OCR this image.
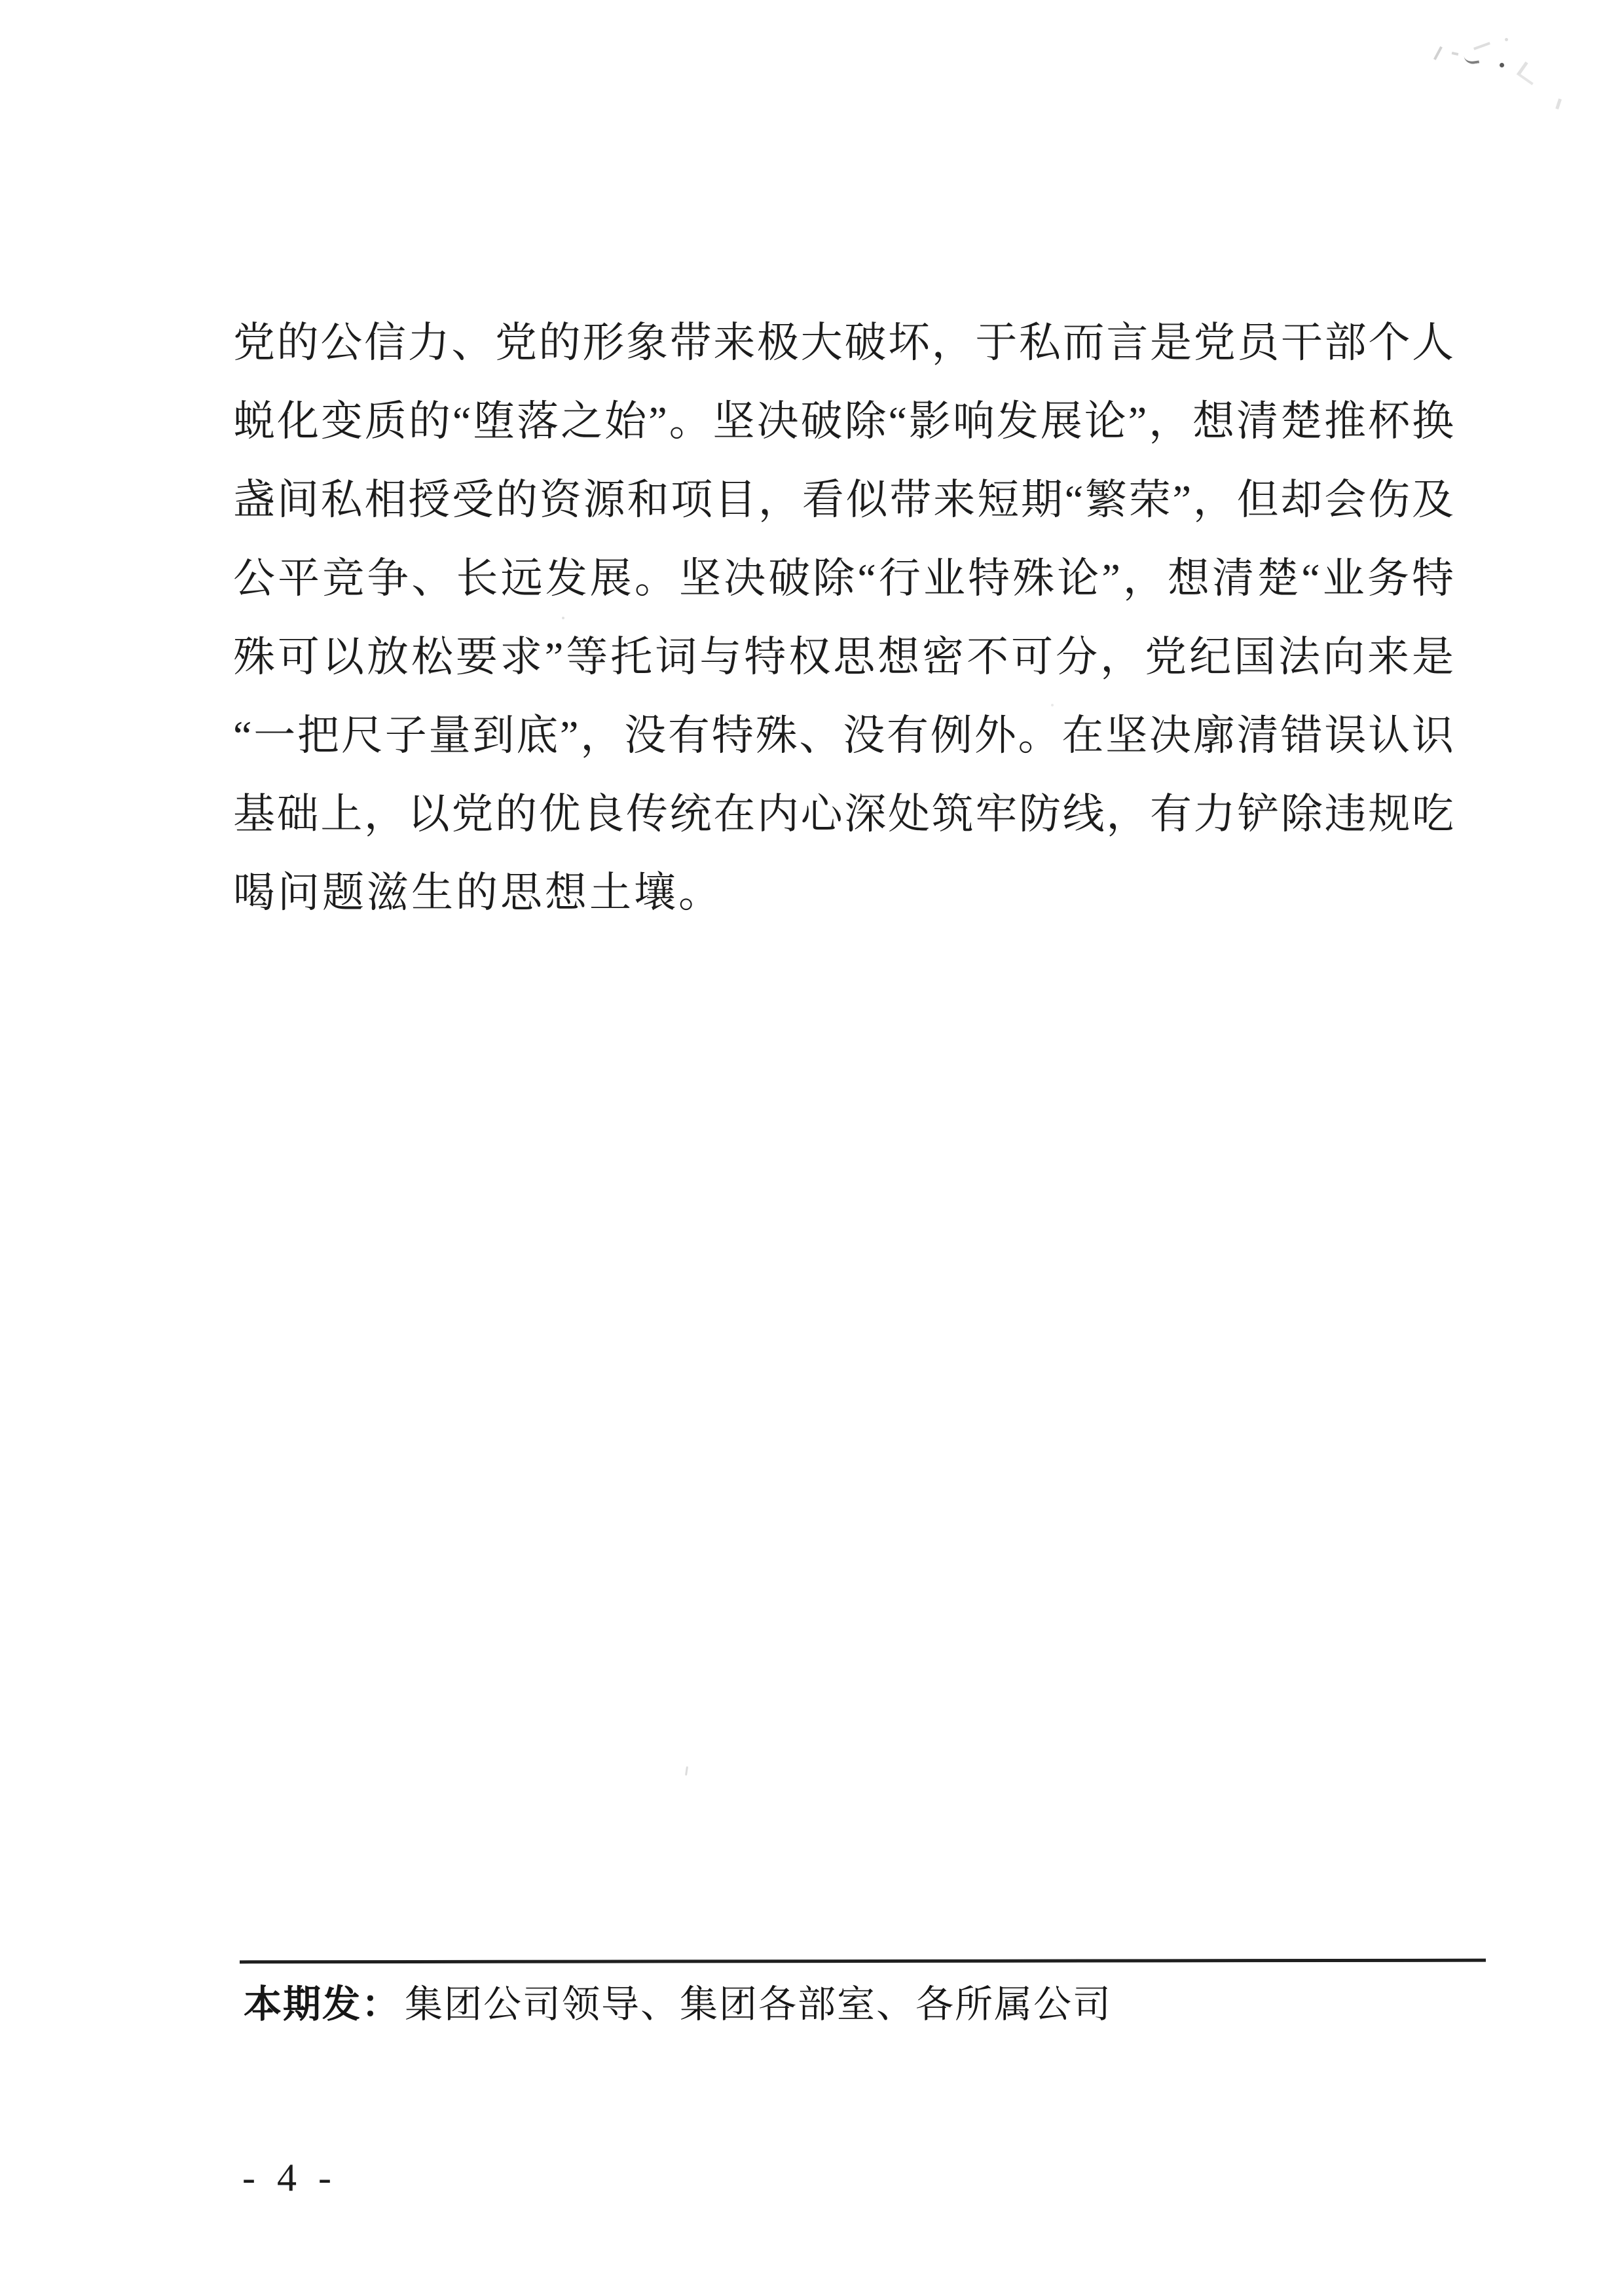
党的公信力、党的形象带来极大破坏，于私而言是党员干部个人
蜕化变质的“堕落之始”。坚决破除“影响发展论”，想清楚推杯换
盏间私相授受的资源和项目，看似带来短期“繁荣”，但却会伤及
公平竞争、长远发展。坚决破除“行业特殊论”，想清楚“业务特
殊可以放松要求”等托词与特权思想密不可分，党纪国法向来是
“一把尺子量到底”，没有特殊、没有例外。在坚决廓清错误认识
基础上，以党的优良传统在内心深处筑牢防线，有力铲除违规吃
喝问题滋生的思想土壤。
本期发： 集团公司领导、集团各部室、各所属公司
- 4 -
